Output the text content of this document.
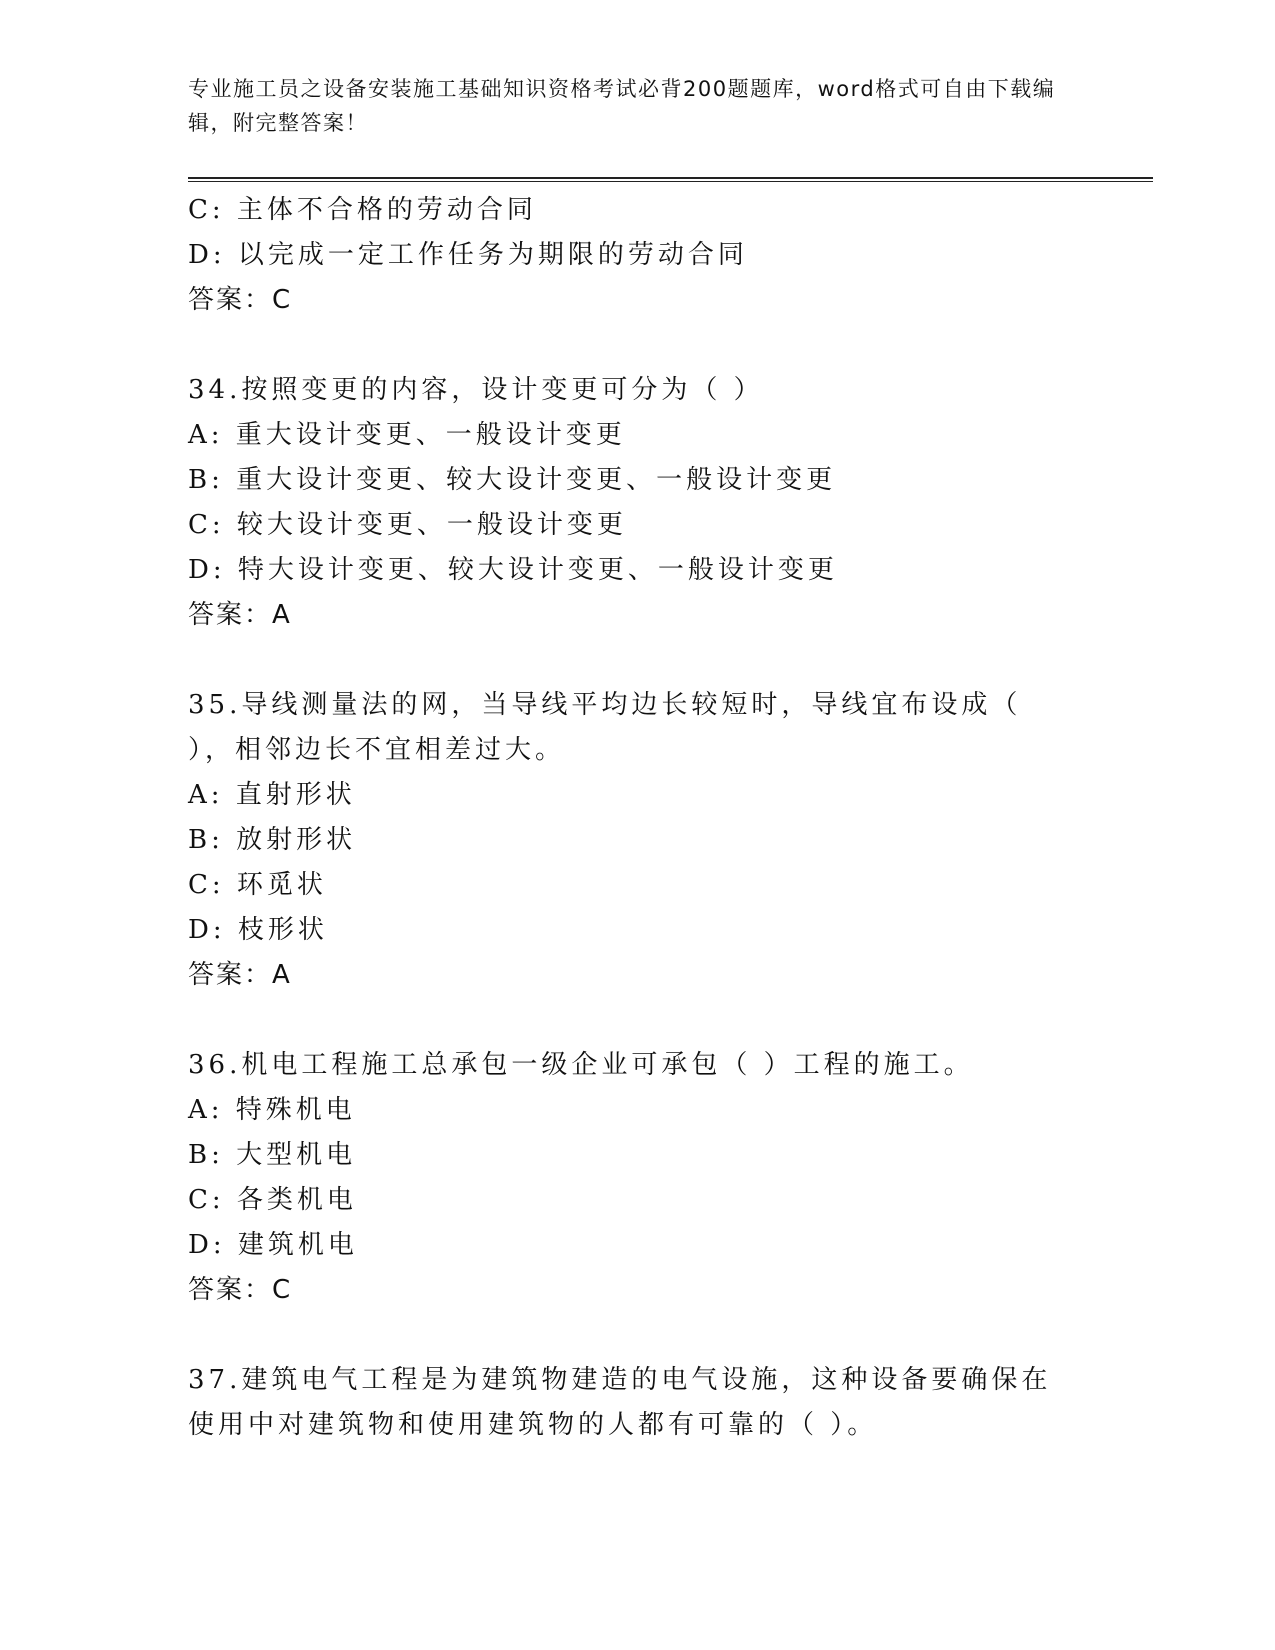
专业施工员之设备安装施工基础知识资格考试必背200题题库，word格式可自由下载编辑，附完整答案！
C: 主体不合格的劳动合同
D: 以完成一定工作任务为期限的劳动合同
答案：C
34.按照变更的内容，设计变更可分为（ ）
A: 重大设计变更、一般设计变更
B: 重大设计变更、较大设计变更、一般设计变更
C: 较大设计变更、一般设计变更
D: 特大设计变更、较大设计变更、一般设计变更
答案：A
35.导线测量法的网，当导线平均边长较短时，导线宜布设成（ ），相邻边长不宜相差过大。
A: 直射形状
B: 放射形状
C: 环觅状
D: 枝形状
答案：A
36.机电工程施工总承包一级企业可承包（ ）工程的施工。
A: 特殊机电
B: 大型机电
C: 各类机电
D: 建筑机电
答案：C
37.建筑电气工程是为建筑物建造的电气设施，这种设备要确保在使用中对建筑物和使用建筑物的人都有可靠的（ ）。
